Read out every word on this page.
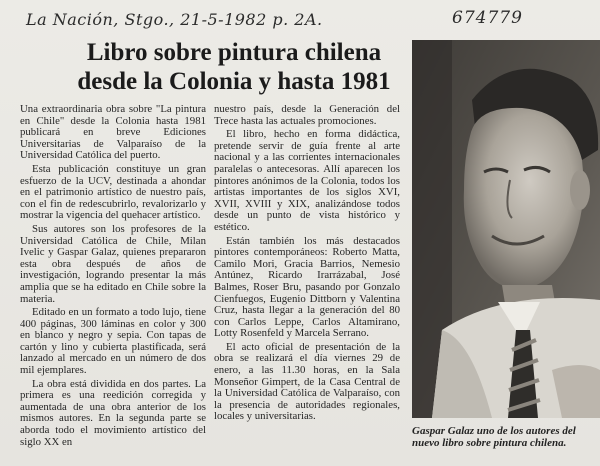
La Nación, Stgo., 21-5-1982 p. 2A.	674779
Libro sobre pintura chilena
desde la Colonia y hasta 1981

Una extraordinaria obra sobre "La pintura en Chile" desde la Colonia hasta 1981 publicará en breve Ediciones Universitarias de Valparaíso de la Universidad Católica del puerto.

Esta publicación constituye un gran esfuerzo de la UCV, destinada a ahondar en el patrimonio artístico de nuestro país, con el fin de redescubrirlo, revalorizarlo y mostrar la vigencia del quehacer artístico.

Sus autores son los profesores de la Universidad Católica de Chile, Milan Ivelic y Gaspar Galaz, quienes prepararon esta obra después de años de investigación, logrando presentar la más amplia que se ha editado en Chile sobre la materia.

Editado en un formato a todo lujo, tiene 400 páginas, 300 láminas en color y 300 en blanco y negro y sepia. Con tapas de cartón y lino y cubierta plastificada, será lanzado al mercado en un número de dos mil ejemplares.

La obra está dividida en dos partes. La primera es una reedición corregida y aumentada de una obra anterior de los mismos autores. En la segunda parte se aborda todo el movimiento artístico del siglo XX en

nuestro país, desde la Generación del Trece hasta las actuales promociones.

El libro, hecho en forma didáctica, pretende servir de guía frente al arte nacional y a las corrientes internacionales paralelas o antecesoras. Allí aparecen los pintores anónimos de la Colonia, todos los artistas importantes de los siglos XVI, XVII, XVIII y XIX, analizándose todos desde un punto de vista histórico y estético.

Están también los más destacados pintores contemporáneos: Roberto Matta, Camilo Mori, Gracia Barrios, Nemesio Antúnez, Ricardo Irarrázabal, José Balmes, Roser Bru, pasando por Gonzalo Cienfuegos, Eugenio Dittborn y Valentina Cruz, hasta llegar a la generación del 80 con Carlos Leppe, Carlos Altamirano, Lotty Rosenfeld y Marcela Serrano.

El acto oficial de presentación de la obra se realizará el día viernes 29 de enero, a las 11.30 horas, en la Sala Monseñor Gimpert, de la Casa Central de la Universidad Católica de Valparaíso, con la presencia de autoridades regionales, locales y universitarias.

Gaspar Galaz uno de los autores del nuevo libro sobre pintura chilena.
